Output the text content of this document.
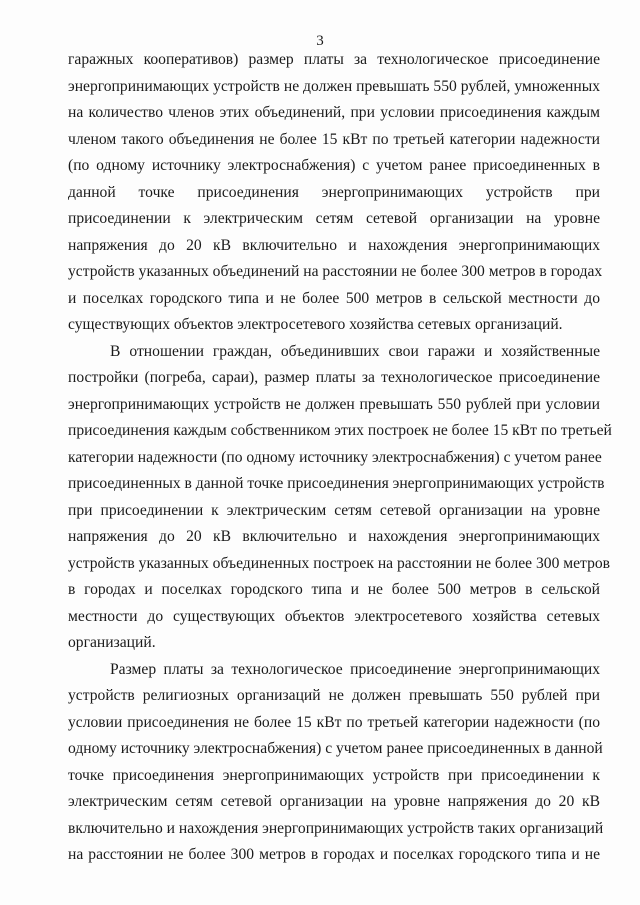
3
гаражных кооперативов) размер платы за технологическое присоединение
энергопринимающих устройств не должен превышать 550 рублей, умноженных
на количество членов этих объединений, при условии присоединения каждым
членом такого объединения не более 15 кВт по третьей категории надежности
(по одному источнику электроснабжения) с учетом ранее присоединенных в
данной точке присоединения энергопринимающих устройств при
присоединении к электрическим сетям сетевой организации на уровне
напряжения до 20 кВ включительно и нахождения энергопринимающих
устройств указанных объединений на расстоянии не более 300 метров в городах
и поселках городского типа и не более 500 метров в сельской местности до
существующих объектов электросетевого хозяйства сетевых организаций.
В отношении граждан, объединивших свои гаражи и хозяйственные
постройки (погреба, сараи), размер платы за технологическое присоединение
энергопринимающих устройств не должен превышать 550 рублей при условии
присоединения каждым собственником этих построек не более 15 кВт по третьей
категории надежности (по одному источнику электроснабжения) с учетом ранее
присоединенных в данной точке присоединения энергопринимающих устройств
при присоединении к электрическим сетям сетевой организации на уровне
напряжения до 20 кВ включительно и нахождения энергопринимающих
устройств указанных объединенных построек на расстоянии не более 300 метров
в городах и поселках городского типа и не более 500 метров в сельской
местности до существующих объектов электросетевого хозяйства сетевых
организаций.
Размер платы за технологическое присоединение энергопринимающих
устройств религиозных организаций не должен превышать 550 рублей при
условии присоединения не более 15 кВт по третьей категории надежности (по
одному источнику электроснабжения) с учетом ранее присоединенных в данной
точке присоединения энергопринимающих устройств при присоединении к
электрическим сетям сетевой организации на уровне напряжения до 20 кВ
включительно и нахождения энергопринимающих устройств таких организаций
на расстоянии не более 300 метров в городах и поселках городского типа и не
